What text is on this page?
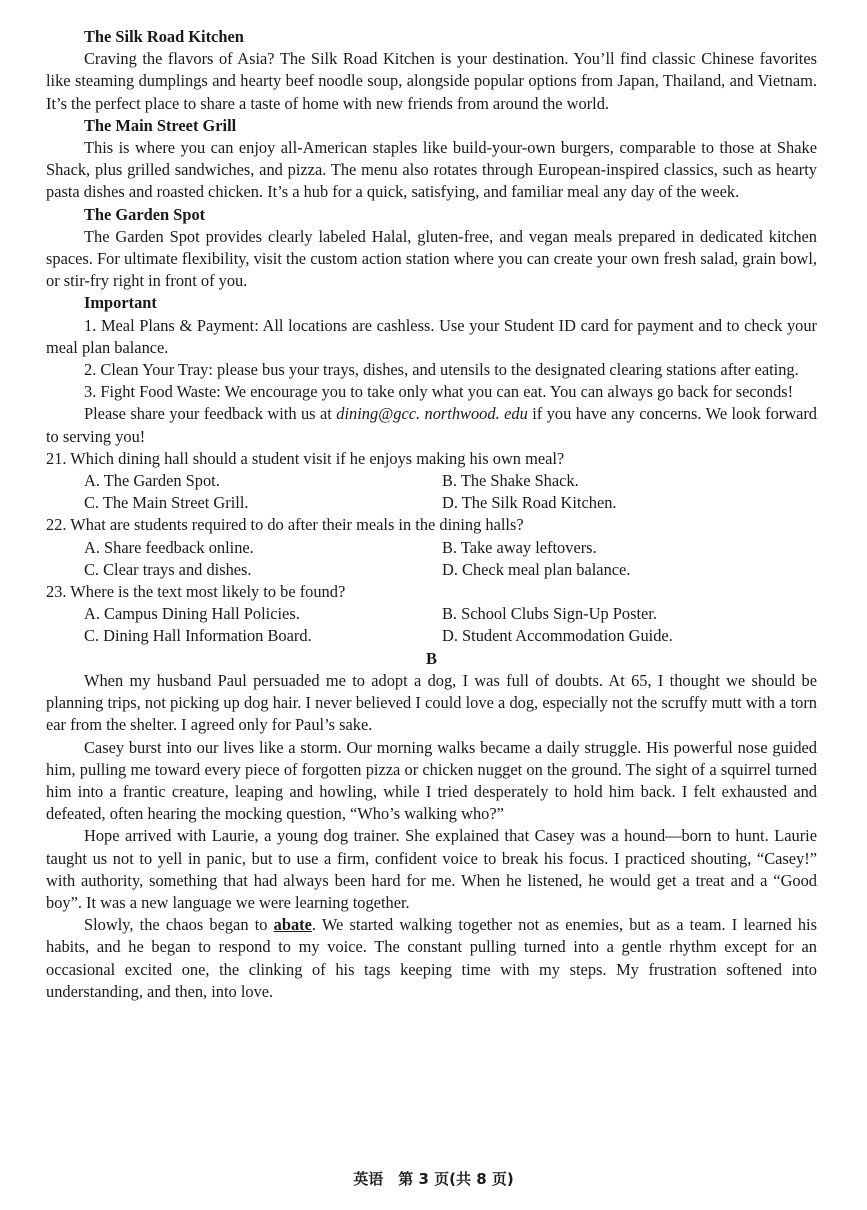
The Silk Road Kitchen
Craving the flavors of Asia? The Silk Road Kitchen is your destination. You’ll find classic Chinese favorites like steaming dumplings and hearty beef noodle soup, alongside popular options from Japan, Thailand, and Vietnam. It’s the perfect place to share a taste of home with new friends from around the world.
The Main Street Grill
This is where you can enjoy all-American staples like build-your-own burgers, comparable to those at Shake Shack, plus grilled sandwiches, and pizza. The menu also rotates through European-inspired classics, such as hearty pasta dishes and roasted chicken. It’s a hub for a quick, satisfying, and familiar meal any day of the week.
The Garden Spot
The Garden Spot provides clearly labeled Halal, gluten-free, and vegan meals prepared in dedicated kitchen spaces. For ultimate flexibility, visit the custom action station where you can create your own fresh salad, grain bowl, or stir-fry right in front of you.
Important
1. Meal Plans & Payment: All locations are cashless. Use your Student ID card for payment and to check your meal plan balance.
2. Clean Your Tray: please bus your trays, dishes, and utensils to the designated clearing stations after eating.
3. Fight Food Waste: We encourage you to take only what you can eat. You can always go back for seconds!
Please share your feedback with us at dining@gcc. northwood. edu if you have any concerns. We look forward to serving you!
21. Which dining hall should a student visit if he enjoys making his own meal?
A. The Garden Spot.	B. The Shake Shack.
C. The Main Street Grill.	D. The Silk Road Kitchen.
22. What are students required to do after their meals in the dining halls?
A. Share feedback online.	B. Take away leftovers.
C. Clear trays and dishes.	D. Check meal plan balance.
23. Where is the text most likely to be found?
A. Campus Dining Hall Policies.	B. School Clubs Sign-Up Poster.
C. Dining Hall Information Board.	D. Student Accommodation Guide.
B
When my husband Paul persuaded me to adopt a dog, I was full of doubts. At 65, I thought we should be planning trips, not picking up dog hair. I never believed I could love a dog, especially not the scruffy mutt with a torn ear from the shelter. I agreed only for Paul’s sake.
Casey burst into our lives like a storm. Our morning walks became a daily struggle. His powerful nose guided him, pulling me toward every piece of forgotten pizza or chicken nugget on the ground. The sight of a squirrel turned him into a frantic creature, leaping and howling, while I tried desperately to hold him back. I felt exhausted and defeated, often hearing the mocking question, “Who’s walking who?”
Hope arrived with Laurie, a young dog trainer. She explained that Casey was a hound—born to hunt. Laurie taught us not to yell in panic, but to use a firm, confident voice to break his focus. I practiced shouting, “Casey!” with authority, something that had always been hard for me. When he listened, he would get a treat and a “Good boy”. It was a new language we were learning together.
Slowly, the chaos began to abate. We started walking together not as enemies, but as a team. I learned his habits, and he began to respond to my voice. The constant pulling turned into a gentle rhythm except for an occasional excited one, the clinking of his tags keeping time with my steps. My frustration softened into understanding, and then, into love.
英语　第 3 页(共 8 页)
